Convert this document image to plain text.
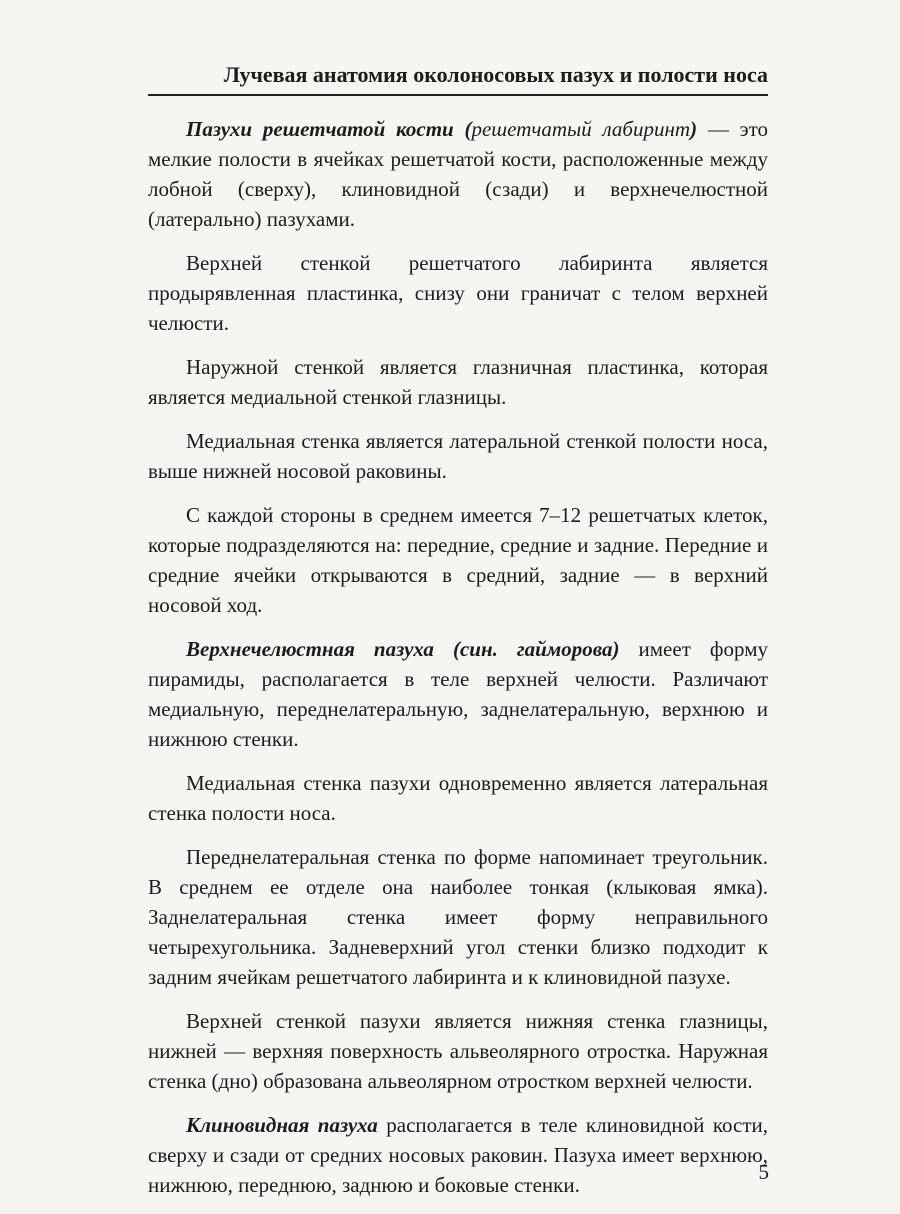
Лучевая анатомия околоносовых пазух и полости носа

Пазухи решетчатой кости (решетчатый лабиринт) — это мелкие полости в ячейках решетчатой кости, расположенные между лобной (сверху), клиновидной (сзади) и верхнечелюстной (латерально) пазухами.

Верхней стенкой решетчатого лабиринта является продырявленная пластинка, снизу они граничат с телом верхней челюсти.

Наружной стенкой является глазничная пластинка, которая является медиальной стенкой глазницы.

Медиальная стенка является латеральной стенкой полости носа, выше нижней носовой раковины.

С каждой стороны в среднем имеется 7–12 решетчатых клеток, которые подразделяются на: передние, средние и задние. Передние и средние ячейки открываются в средний, задние — в верхний носовой ход.

Верхнечелюстная пазуха (син. гайморова) имеет форму пирамиды, располагается в теле верхней челюсти. Различают медиальную, переднелатеральную, заднелатеральную, верхнюю и нижнюю стенки.

Медиальная стенка пазухи одновременно является латеральная стенка полости носа.

Переднелатеральная стенка по форме напоминает треугольник. В среднем ее отделе она наиболее тонкая (клыковая ямка). Заднелатеральная стенка имеет форму неправильного четырехугольника. Задневерхний угол стенки близко подходит к задним ячейкам решетчатого лабиринта и к клиновидной пазухе.

Верхней стенкой пазухи является нижняя стенка глазницы, нижней — верхняя поверхность альвеолярного отростка. Наружная стенка (дно) образована альвеолярном отростком верхней челюсти.

Клиновидная пазуха располагается в теле клиновидной кости, сверху и сзади от средних носовых раковин. Пазуха имеет верхнюю, нижнюю, переднюю, заднюю и боковые стенки.

5
